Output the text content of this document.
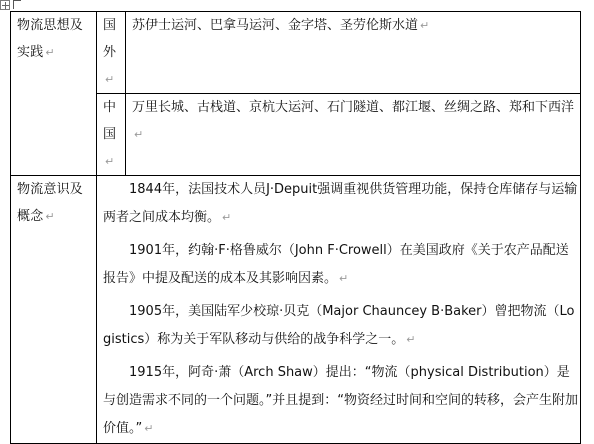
物流思想及实践 ↵	国外↵	苏伊士运河、巴拿马运河、金字塔、圣劳伦斯水道 ↵
	中国↵	万里长城、古栈道、京杭大运河、石门隧道、都江堰、丝绸之路、郑和下西洋↵
物流意识及概念 ↵	1844年，法国技术人员J·Depuit强调重视供货管理功能，保持仓库储存与运输两者之间成本均衡。 ↵

1901年，约翰·F·格鲁威尔（John F·Crowell）在美国政府《关于农产品配送报告》中提及配送的成本及其影响因素。 ↵

1905年，美国陆军少校琼·贝克（Major Chauncey B·Baker）曾把物流（Logistics）称为关于军队移动与供给的战争科学之一。 ↵

1915年，阿奇·萧（Arch Shaw）提出：“物流（physical Distribution）是与创造需求不同的一个问题。”并且提到：“物资经过时间和空间的转移，会产生附加价值。” ↵	
